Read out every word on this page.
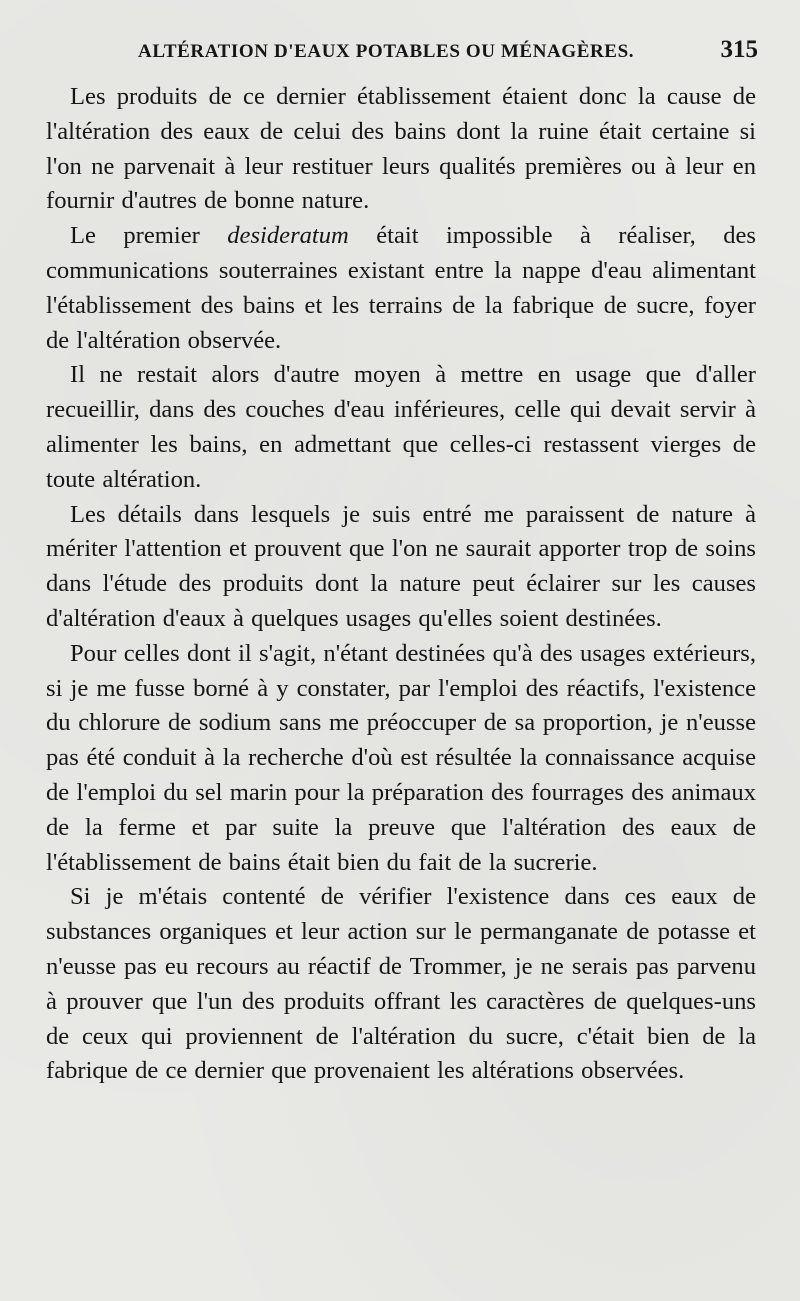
ALTÉRATION D'EAUX POTABLES OU MÉNAGÈRES.	315

Les produits de ce dernier établissement étaient donc la cause de l'altération des eaux de celui des bains dont la ruine était certaine si l'on ne parvenait à leur restituer leurs qualités premières ou à leur en fournir d'autres de bonne nature.

Le premier desideratum était impossible à réaliser, des communications souterraines existant entre la nappe d'eau alimentant l'établissement des bains et les terrains de la fabrique de sucre, foyer de l'altération observée.

Il ne restait alors d'autre moyen à mettre en usage que d'aller recueillir, dans des couches d'eau inférieures, celle qui devait servir à alimenter les bains, en admettant que celles-ci restassent vierges de toute altération.

Les détails dans lesquels je suis entré me paraissent de nature à mériter l'attention et prouvent que l'on ne saurait apporter trop de soins dans l'étude des produits dont la nature peut éclairer sur les causes d'altération d'eaux à quelques usages qu'elles soient destinées.

Pour celles dont il s'agit, n'étant destinées qu'à des usages extérieurs, si je me fusse borné à y constater, par l'emploi des réactifs, l'existence du chlorure de sodium sans me préoccuper de sa proportion, je n'eusse pas été conduit à la recherche d'où est résultée la connaissance acquise de l'emploi du sel marin pour la préparation des fourrages des animaux de la ferme et par suite la preuve que l'altération des eaux de l'établissement de bains était bien du fait de la sucrerie.

Si je m'étais contenté de vérifier l'existence dans ces eaux de substances organiques et leur action sur le permanganate de potasse et n'eusse pas eu recours au réactif de Trommer, je ne serais pas parvenu à prouver que l'un des produits offrant les caractères de quelques-uns de ceux qui proviennent de l'altération du sucre, c'était bien de la fabrique de ce dernier que provenaient les altérations observées.
